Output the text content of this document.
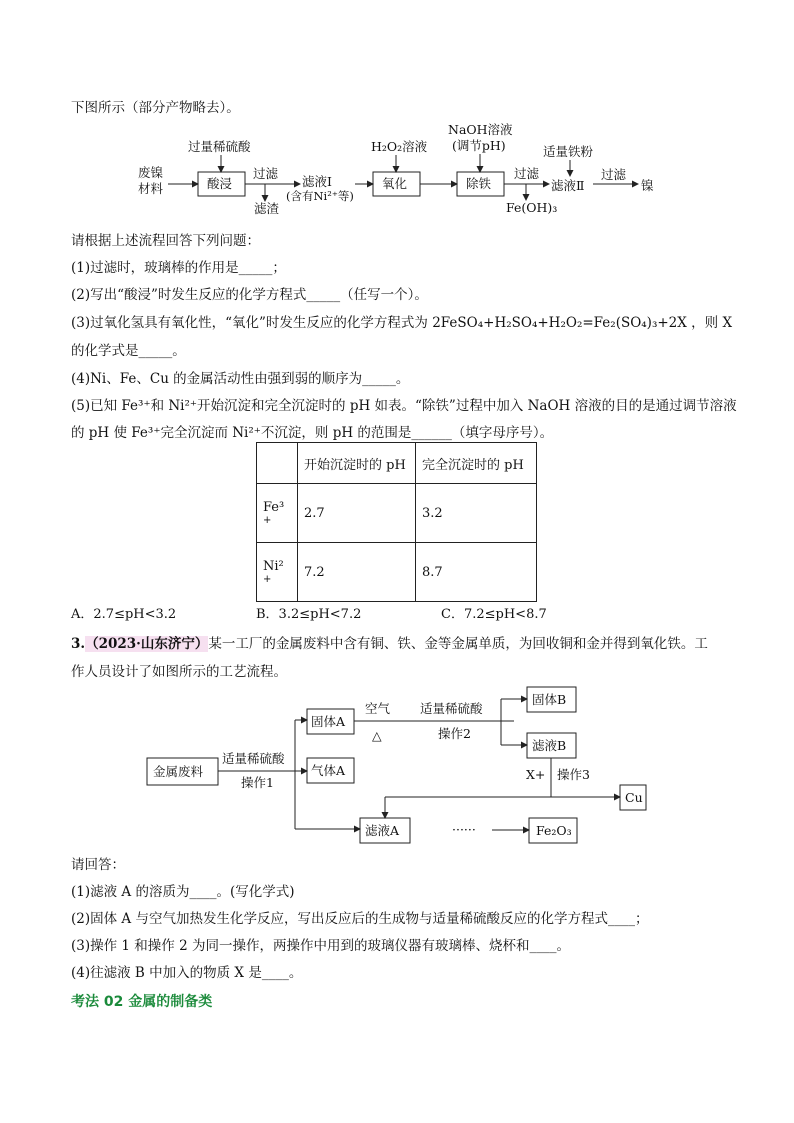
下图所示（部分产物略去）。
废镍
材料
过量稀硫酸
酸浸
过滤
滤渣
滤液Ⅰ
(含有Ni²⁺等)
H₂O₂溶液
氧化
NaOH溶液
(调节pH)
除铁
过滤
Fe(OH)₃
适量铁粉
滤液Ⅱ
过滤
镍
请根据上述流程回答下列问题：
(1)过滤时，玻璃棒的作用是_____；
(2)写出“酸浸”时发生反应的化学方程式_____（任写一个）。
(3)过氧化氢具有氧化性，“氧化”时发生反应的化学方程式为 2FeSO₄+H₂SO₄+H₂O₂=Fe₂(SO₄)₃+2X ，则 X
的化学式是_____。
(4)Ni、Fe、Cu 的金属活动性由强到弱的顺序为_____。
(5)已知 Fe³⁺和 Ni²⁺开始沉淀和完全沉淀时的 pH 如表。“除铁”过程中加入 NaOH 溶液的目的是通过调节溶液
的 pH 使 Fe³⁺完全沉淀而 Ni²⁺不沉淀，则 pH 的范围是______（填字母序号）。
	开始沉淀时的 pH	完全沉淀时的 pH

Fe³
+	2.7	3.2

Ni²
+	7.2	8.7
A．2.7≤pH<3.2	B．3.2≤pH<7.2	C．7.2≤pH<8.7
3.（2023·山东济宁）某一工厂的金属废料中含有铜、铁、金等金属单质，为回收铜和金并得到氧化铁。工
作人员设计了如图所示的工艺流程。
金属废料
适量稀硫酸
操作1
固体A
气体A
滤液A
空气
△
适量稀硫酸
操作2
固体B
滤液B
X+ 操作3
Cu
······	Fe₂O₃
请回答：
(1)滤液 A 的溶质为____。(写化学式)
(2)固体 A 与空气加热发生化学反应，写出反应后的生成物与适量稀硫酸反应的化学方程式____；
(3)操作 1 和操作 2 为同一操作，两操作中用到的玻璃仪器有玻璃棒、烧杯和____。
(4)往滤液 B 中加入的物质 X 是____。
考法 02 金属的制备类
